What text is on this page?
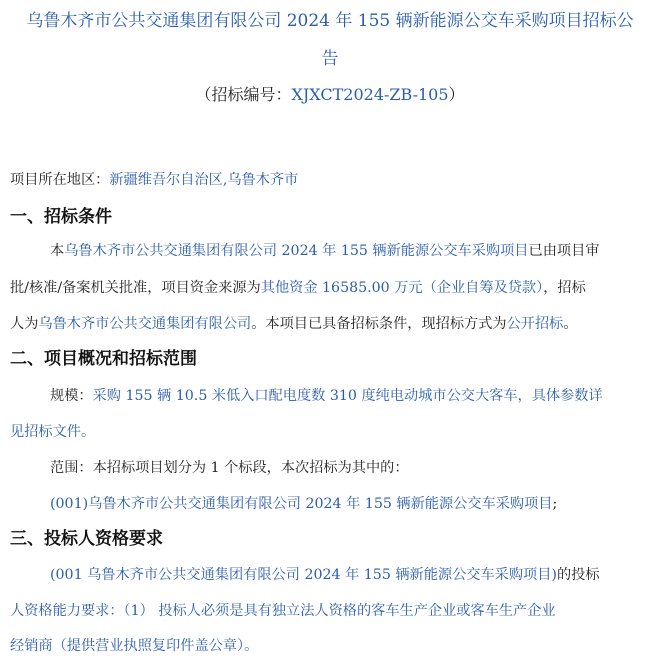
乌鲁木齐市公共交通集团有限公司 2024 年 155 辆新能源公交车采购项目招标公
告
（招标编号：XJXCT2024-ZB-105）
项目所在地区：新疆维吾尔自治区,乌鲁木齐市
一、招标条件
本乌鲁木齐市公共交通集团有限公司 2024 年 155 辆新能源公交车采购项目已由项目审
批/核准/备案机关批准，项目资金来源为其他资金 16585.00 万元（企业自筹及贷款），招标
人为乌鲁木齐市公共交通集团有限公司。本项目已具备招标条件，现招标方式为公开招标。
二、项目概况和招标范围
规模：采购 155 辆 10.5 米低入口配电度数 310 度纯电动城市公交大客车，具体参数详
见招标文件。
范围：本招标项目划分为 1 个标段，本次招标为其中的：
(001)乌鲁木齐市公共交通集团有限公司 2024 年 155 辆新能源公交车采购项目;
三、投标人资格要求
(001 乌鲁木齐市公共交通集团有限公司 2024 年 155 辆新能源公交车采购项目)的投标
人资格能力要求：（1） 投标人必须是具有独立法人资格的客车生产企业或客车生产企业
经销商（提供营业执照复印件盖公章）。
